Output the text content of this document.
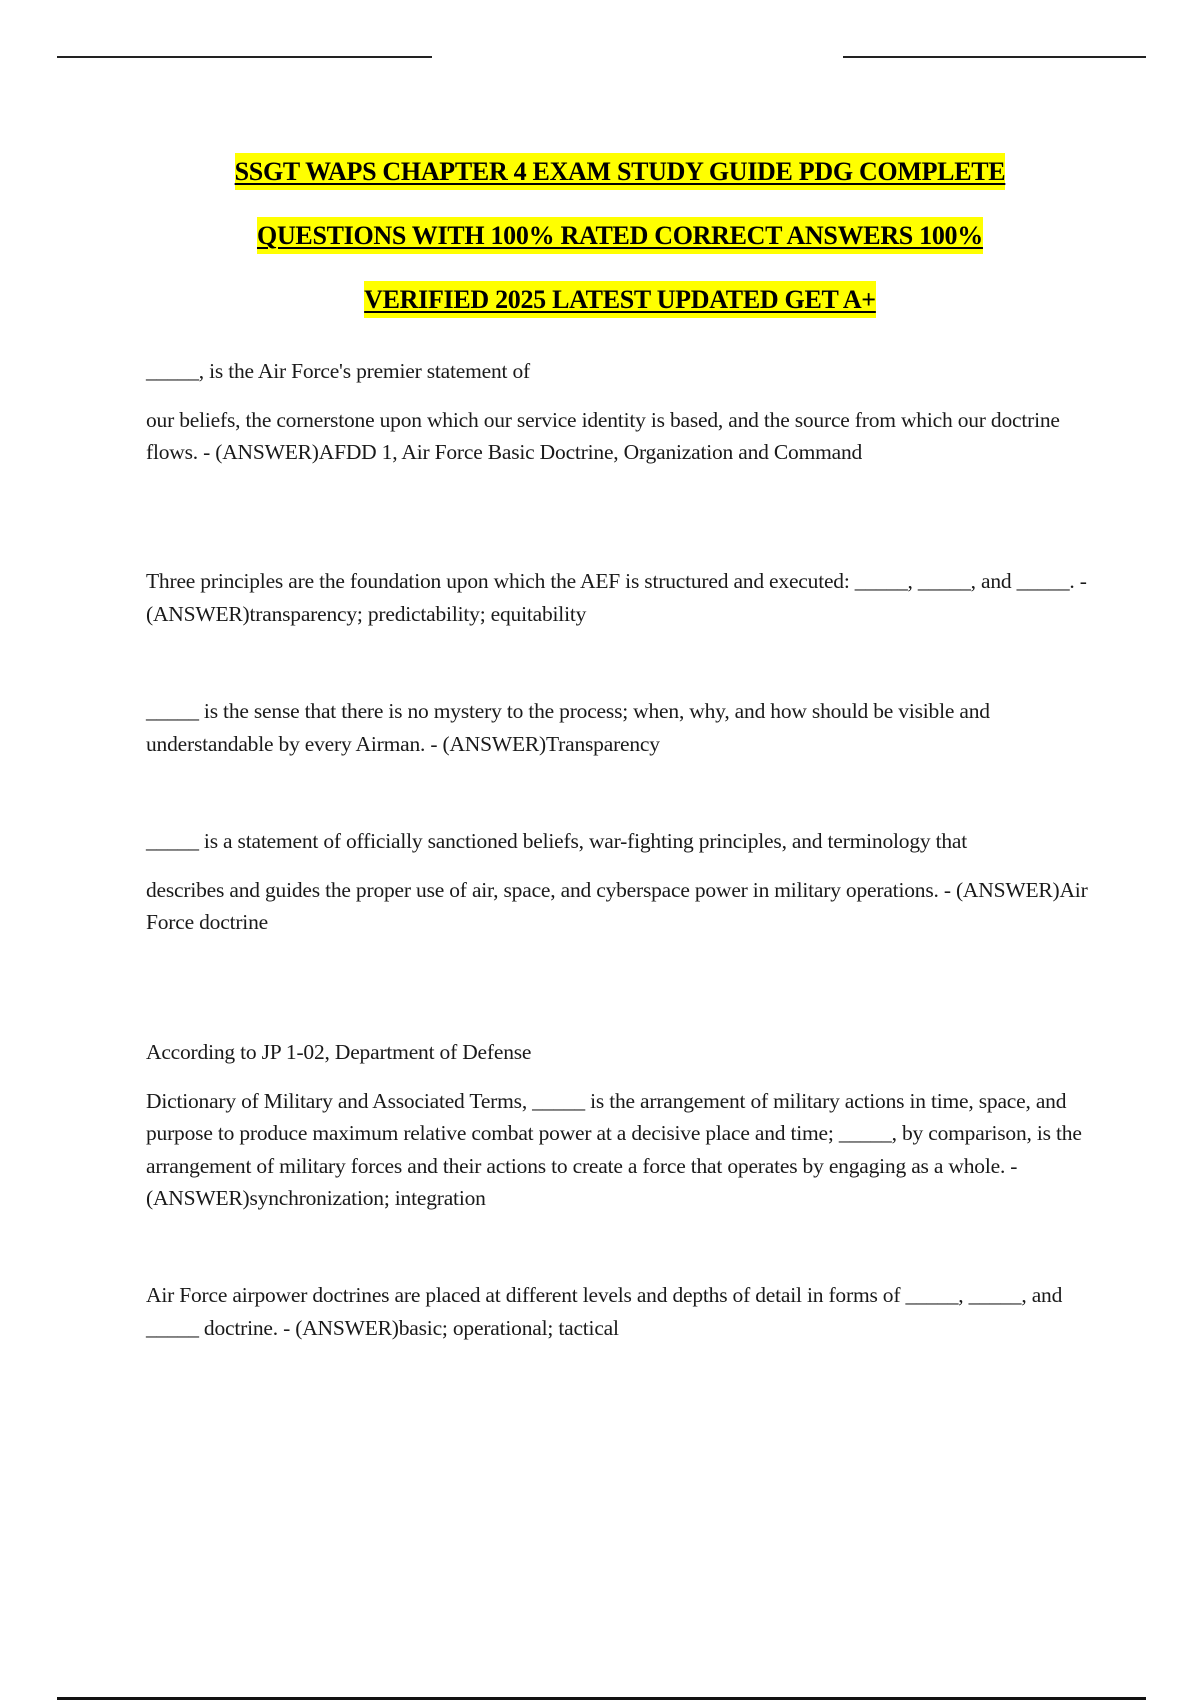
SSGT WAPS CHAPTER 4 EXAM STUDY GUIDE PDG COMPLETE
QUESTIONS WITH 100% RATED CORRECT ANSWERS 100%
VERIFIED 2025 LATEST UPDATED GET A+

_____, is the Air Force's premier statement of

our beliefs, the cornerstone upon which our service identity is based, and the source from which our doctrine flows. - (ANSWER)AFDD 1, Air Force Basic Doctrine, Organization and Command

Three principles are the foundation upon which the AEF is structured and executed: _____, _____, and _____. - (ANSWER)transparency; predictability; equitability

_____ is the sense that there is no mystery to the process; when, why, and how should be visible and understandable by every Airman. - (ANSWER)Transparency

_____ is a statement of officially sanctioned beliefs, war-fighting principles, and terminology that

describes and guides the proper use of air, space, and cyberspace power in military operations. - (ANSWER)Air Force doctrine

According to JP 1-02, Department of Defense

Dictionary of Military and Associated Terms, _____ is the arrangement of military actions in time, space, and purpose to produce maximum relative combat power at a decisive place and time; _____, by comparison, is the arrangement of military forces and their actions to create a force that operates by engaging as a whole. - (ANSWER)synchronization; integration

Air Force airpower doctrines are placed at different levels and depths of detail in forms of _____, _____, and _____ doctrine. - (ANSWER)basic; operational; tactical
